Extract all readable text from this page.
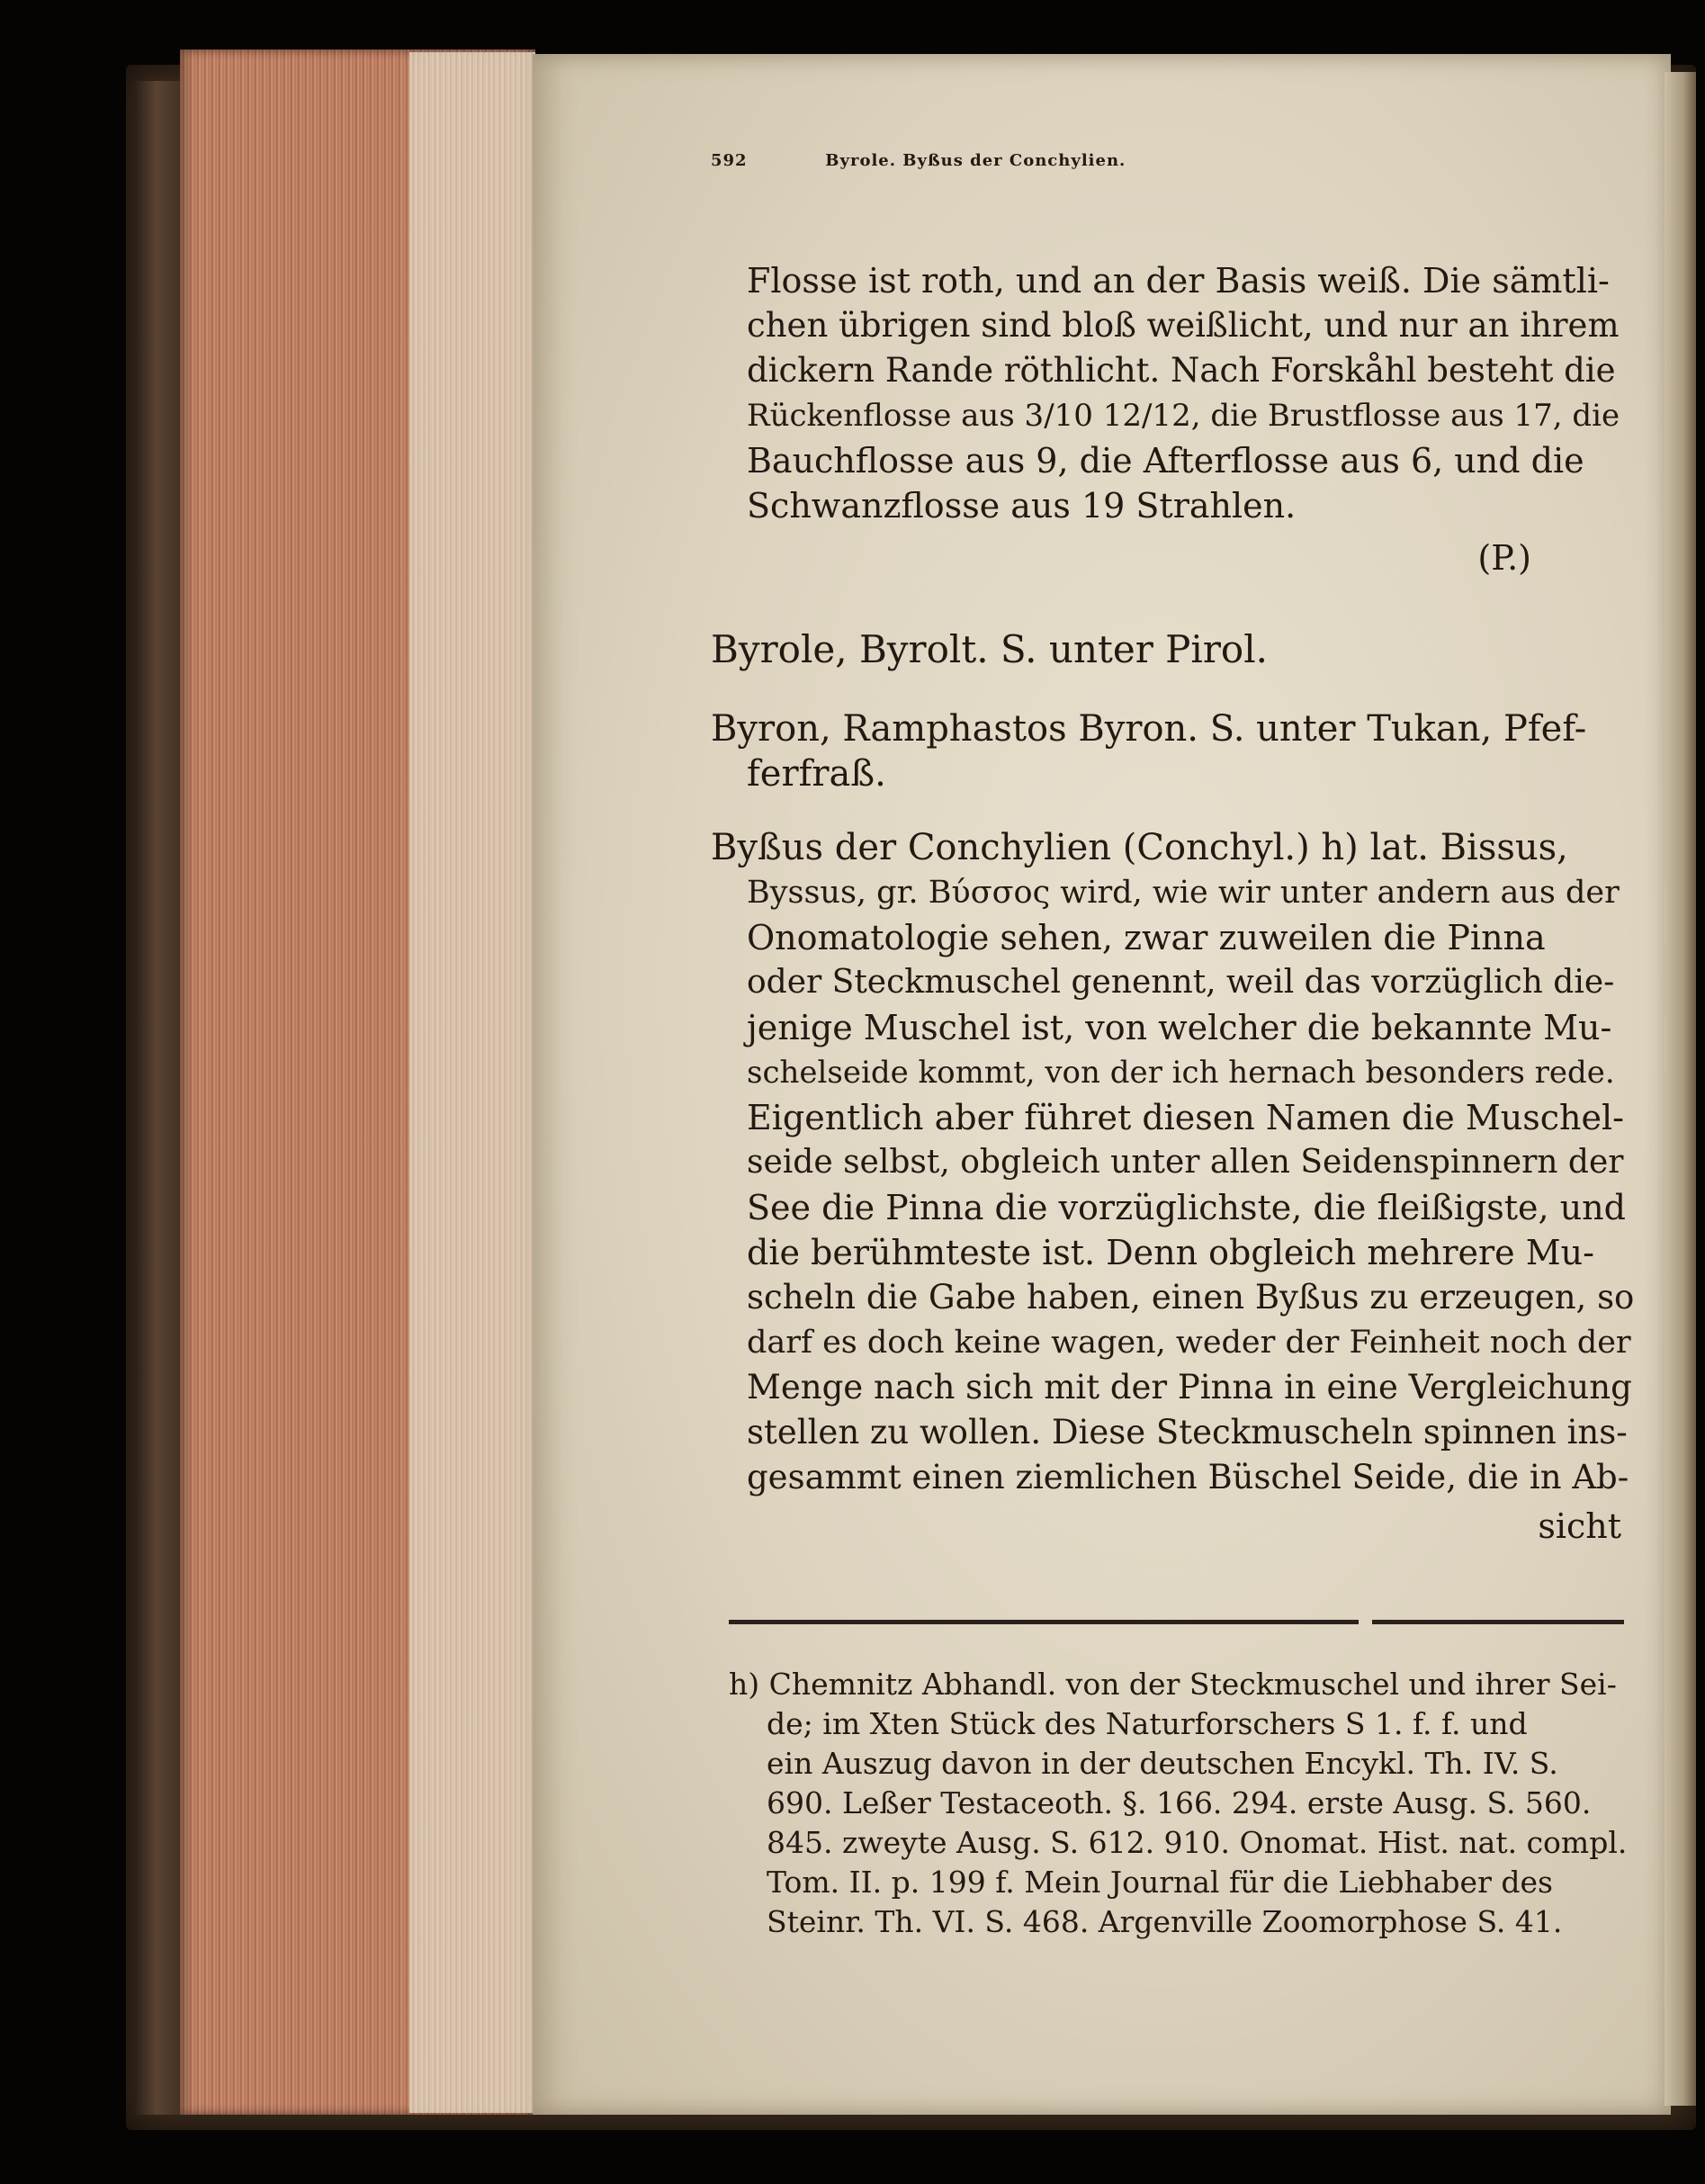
592	Byrole. Byßus der Conchylien.
Flosse ist roth, und an der Basis weiß. Die sämtli-
chen übrigen sind bloß weißlicht, und nur an ihrem
dickern Rande röthlicht. Nach Forskåhl besteht die
Rückenflosse aus 3/10 12/12, die Brustflosse aus 17, die
Bauchflosse aus 9, die Afterflosse aus 6, und die
Schwanzflosse aus 19 Strahlen.
(P.)
Byrole, Byrolt. S. unter Pirol.
Byron, Ramphastos Byron. S. unter Tukan, Pfef-
ferfraß.
Byßus der Conchylien (Conchyl.) h) lat. Bissus,
Byssus, gr. Βύσσος wird, wie wir unter andern aus der
Onomatologie sehen, zwar zuweilen die Pinna
oder Steckmuschel genennt, weil das vorzüglich die-
jenige Muschel ist, von welcher die bekannte Mu-
schelseide kommt, von der ich hernach besonders rede.
Eigentlich aber führet diesen Namen die Muschel-
seide selbst, obgleich unter allen Seidenspinnern der
See die Pinna die vorzüglichste, die fleißigste, und
die berühmteste ist. Denn obgleich mehrere Mu-
scheln die Gabe haben, einen Byßus zu erzeugen, so
darf es doch keine wagen, weder der Feinheit noch der
Menge nach sich mit der Pinna in eine Vergleichung
stellen zu wollen. Diese Steckmuscheln spinnen ins-
gesammt einen ziemlichen Büschel Seide, die in Ab-
sicht
h) Chemnitz Abhandl. von der Steckmuschel und ihrer Sei-
de; im Xten Stück des Naturforschers S 1. f. f. und
ein Auszug davon in der deutschen Encykl. Th. IV. S.
690. Leßer Testaceoth. §. 166. 294. erste Ausg. S. 560.
845. zweyte Ausg. S. 612. 910. Onomat. Hist. nat. compl.
Tom. II. p. 199 f. Mein Journal für die Liebhaber des
Steinr. Th. VI. S. 468. Argenville Zoomorphose S. 41.
